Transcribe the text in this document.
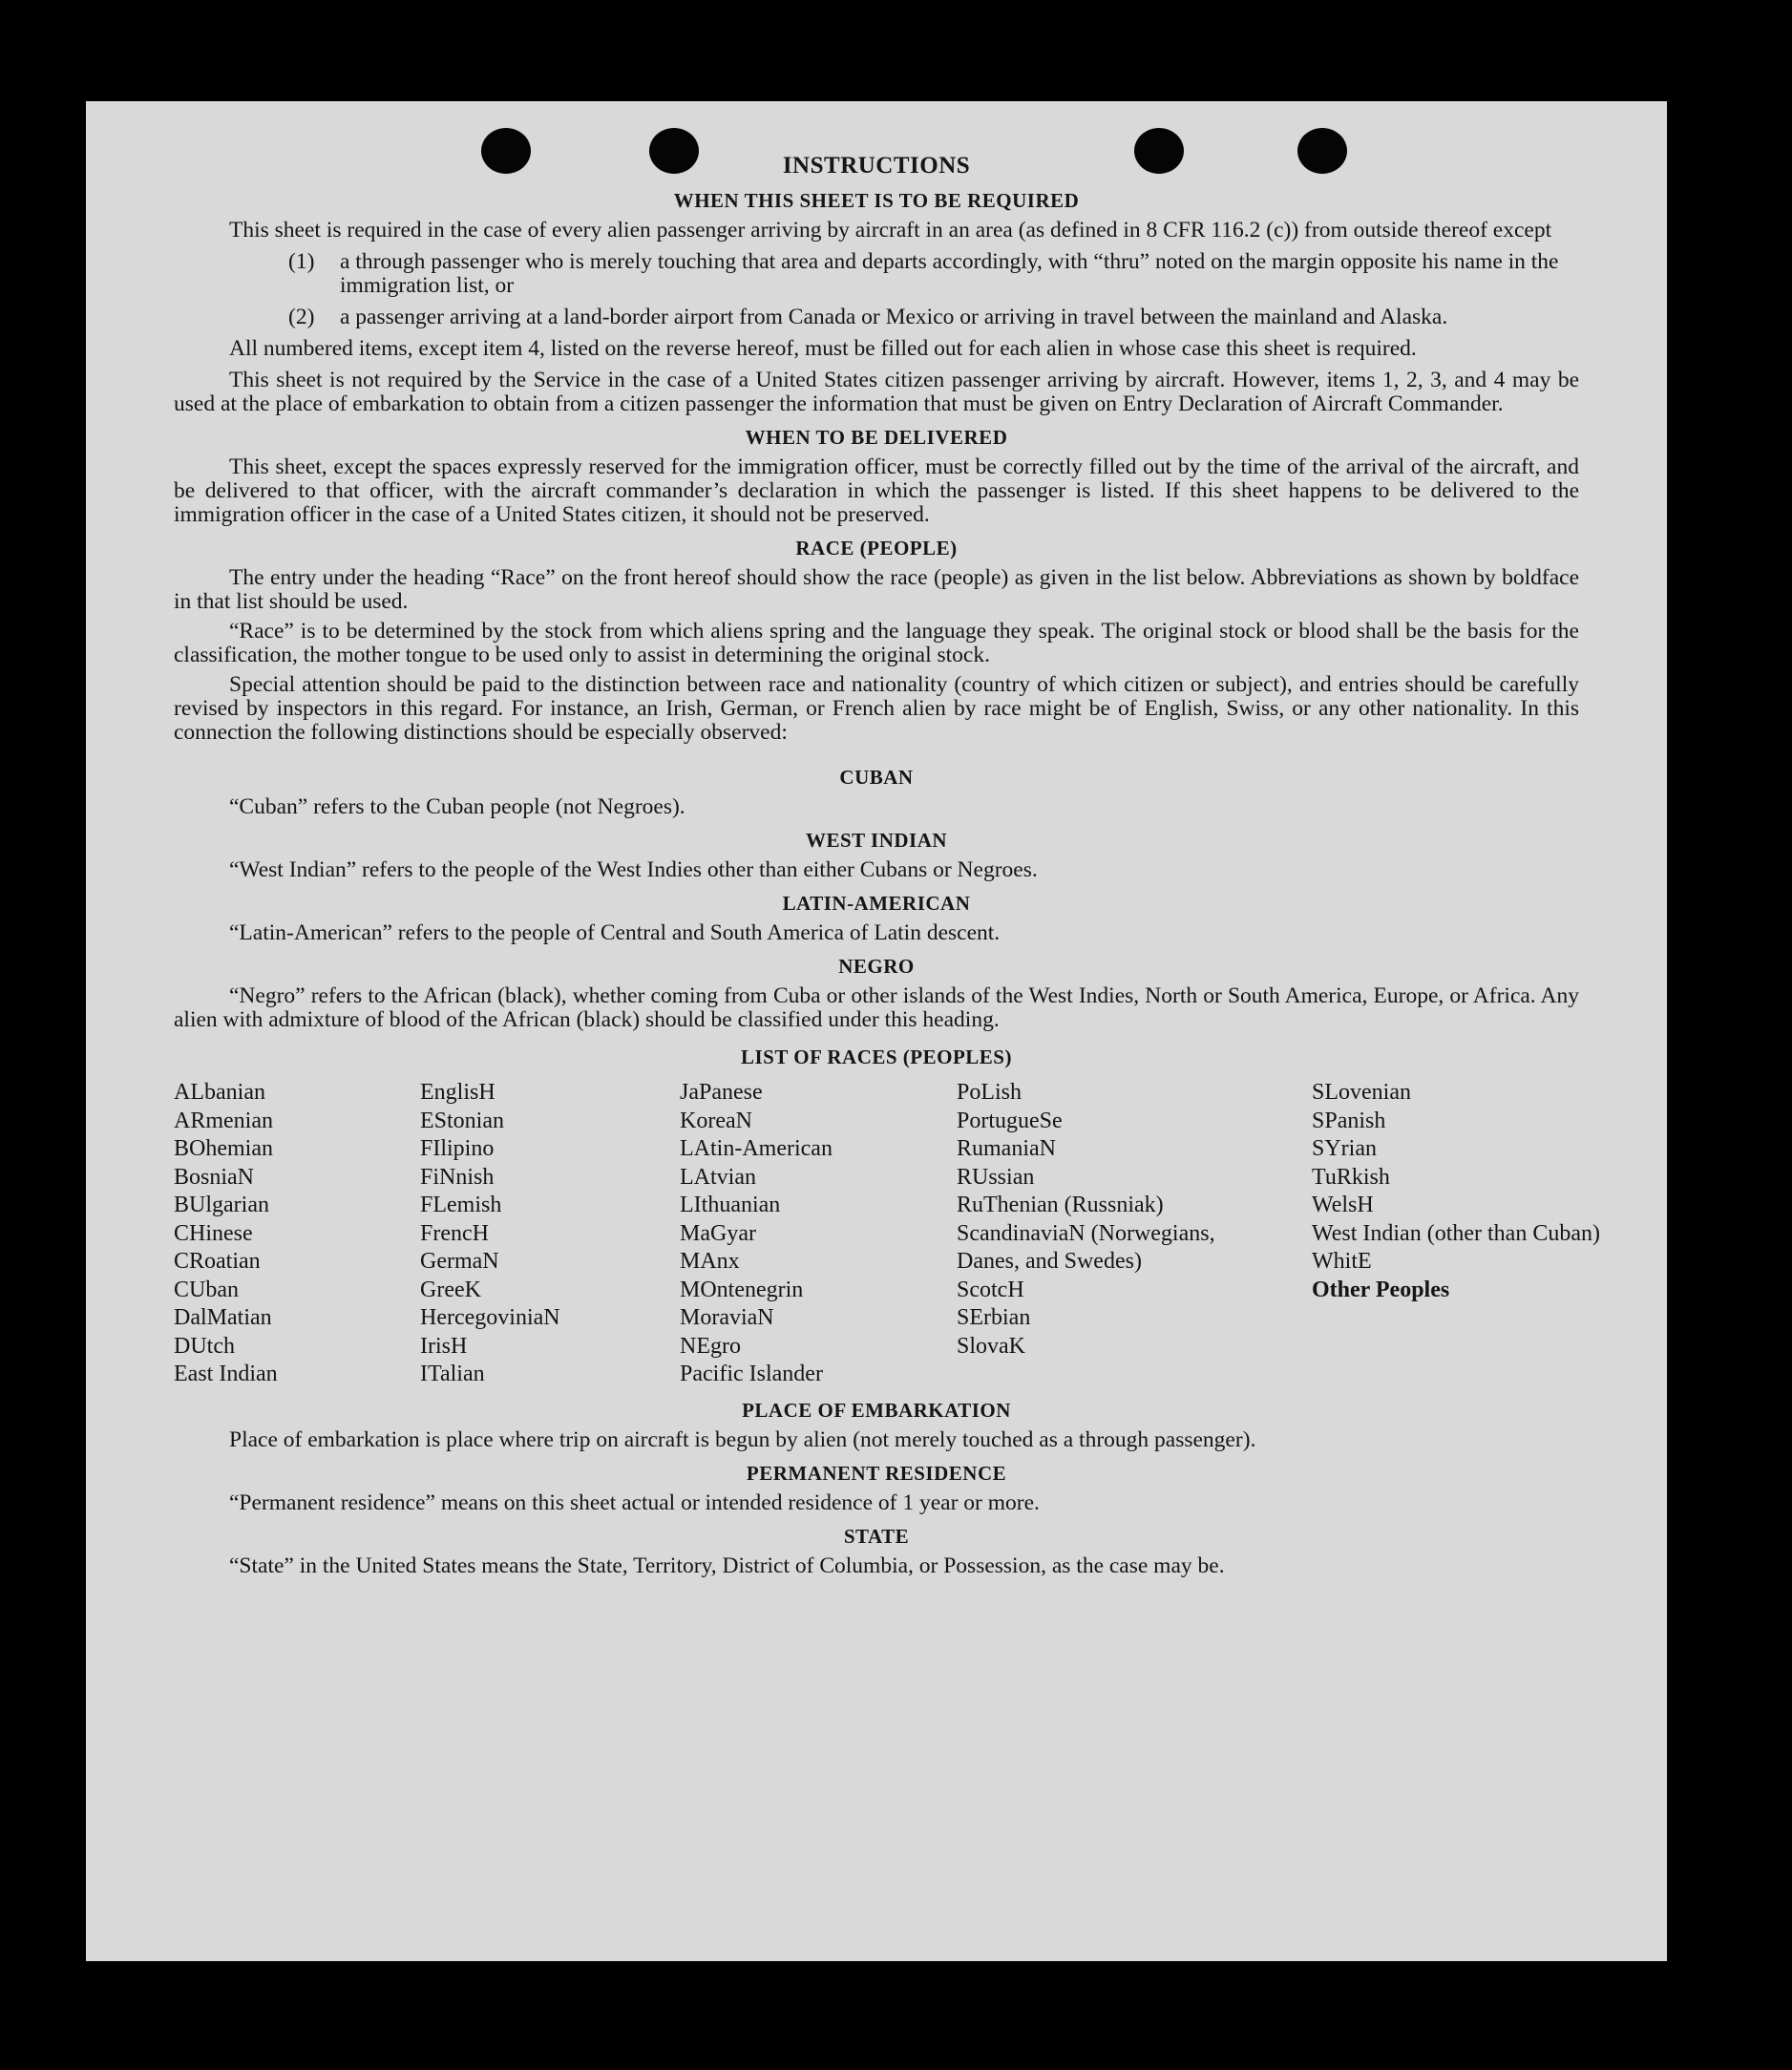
INSTRUCTIONS
WHEN THIS SHEET IS TO BE REQUIRED

This sheet is required in the case of every alien passenger arriving by aircraft in an area (as defined in 8 CFR 116.2 (c)) from outside thereof except

(1)	a through passenger who is merely touching that area and departs accordingly, with “thru” noted on the margin opposite his name in the immigration list, or
(2)	a passenger arriving at a land-border airport from Canada or Mexico or arriving in travel between the mainland and Alaska.

All numbered items, except item 4, listed on the reverse hereof, must be filled out for each alien in whose case this sheet is required.

This sheet is not required by the Service in the case of a United States citizen passenger arriving by aircraft. However, items 1, 2, 3, and 4 may be used at the place of embarkation to obtain from a citizen passenger the information that must be given on Entry Declaration of Aircraft Commander.

WHEN TO BE DELIVERED

This sheet, except the spaces expressly reserved for the immigration officer, must be correctly filled out by the time of the arrival of the aircraft, and be delivered to that officer, with the aircraft commander’s declaration in which the passenger is listed. If this sheet happens to be delivered to the immigration officer in the case of a United States citizen, it should not be preserved.

RACE (PEOPLE)

The entry under the heading “Race” on the front hereof should show the race (people) as given in the list below. Abbreviations as shown by boldface in that list should be used.

“Race” is to be determined by the stock from which aliens spring and the language they speak. The original stock or blood shall be the basis for the classification, the mother tongue to be used only to assist in determining the original stock.

Special attention should be paid to the distinction between race and nationality (country of which citizen or subject), and entries should be carefully revised by inspectors in this regard. For instance, an Irish, German, or French alien by race might be of English, Swiss, or any other nationality. In this connection the following distinctions should be especially observed:

CUBAN
“Cuban” refers to the Cuban people (not Negroes).
WEST INDIAN
“West Indian” refers to the people of the West Indies other than either Cubans or Negroes.
LATIN-AMERICAN
“Latin-American” refers to the people of Central and South America of Latin descent.
NEGRO

“Negro” refers to the African (black), whether coming from Cuba or other islands of the West Indies, North or South America, Europe, or Africa. Any alien with admixture of blood of the African (black) should be classified under this heading.

LIST OF RACES (PEOPLES)
ALbanian
ARmenian
BOhemian
BosniaN
BUlgarian
CHinese
CRoatian
CUban
DalMatian
DUtch
East Indian
EnglisH
EStonian
FIlipino
FiNnish
FLemish
FrencH
GermaN
GreeK
HercegoviniaN
IrisH
ITalian
JaPanese
KoreaN
LAtin-American
LAtvian
LIthuanian
MaGyar
MAnx
MOntenegrin
MoraviaN
NEgro
Pacific Islander
PoLish
PortugueSe
RumaniaN
RUssian
RuThenian (Russniak)
ScandinaviaN (Norwegians, Danes, and Swedes)
ScotcH
SErbian
SlovaK
SLovenian
SPanish
SYrian
TuRkish
WelsH
West Indian (other than Cuban)
WhitE
Other Peoples
PLACE OF EMBARKATION

Place of embarkation is place where trip on aircraft is begun by alien (not merely touched as a through passenger).

PERMANENT RESIDENCE

“Permanent residence” means on this sheet actual or intended residence of 1 year or more.

STATE

“State” in the United States means the State, Territory, District of Columbia, or Possession, as the case may be.
